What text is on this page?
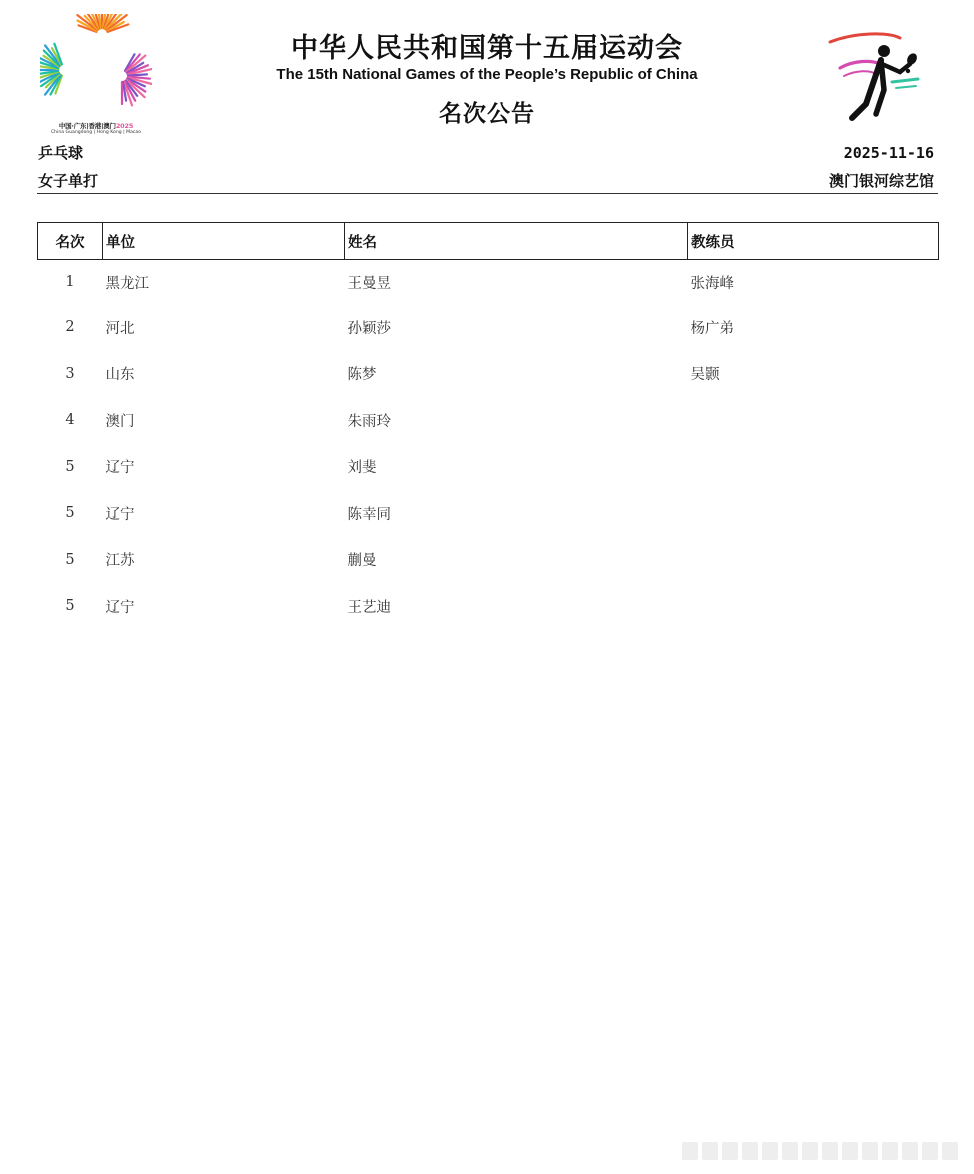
中国·广东|香港|澳门2025
China Guangdong | Hong Kong | Macao
中华人民共和国第十五届运动会
The 15th National Games of the People’s Republic of China
名次公告
乒乓球
女子单打
2025-11-16
澳门银河综艺馆
名次	单位	姓名	教练员
1	黑龙江	王曼昱	张海峰
2	河北	孙颖莎	杨广弟
3	山东	陈梦	吴颢
4	澳门	朱雨玲	
5	辽宁	刘斐	
5	辽宁	陈幸同	
5	江苏	蒯曼	
5	辽宁	王艺迪	
